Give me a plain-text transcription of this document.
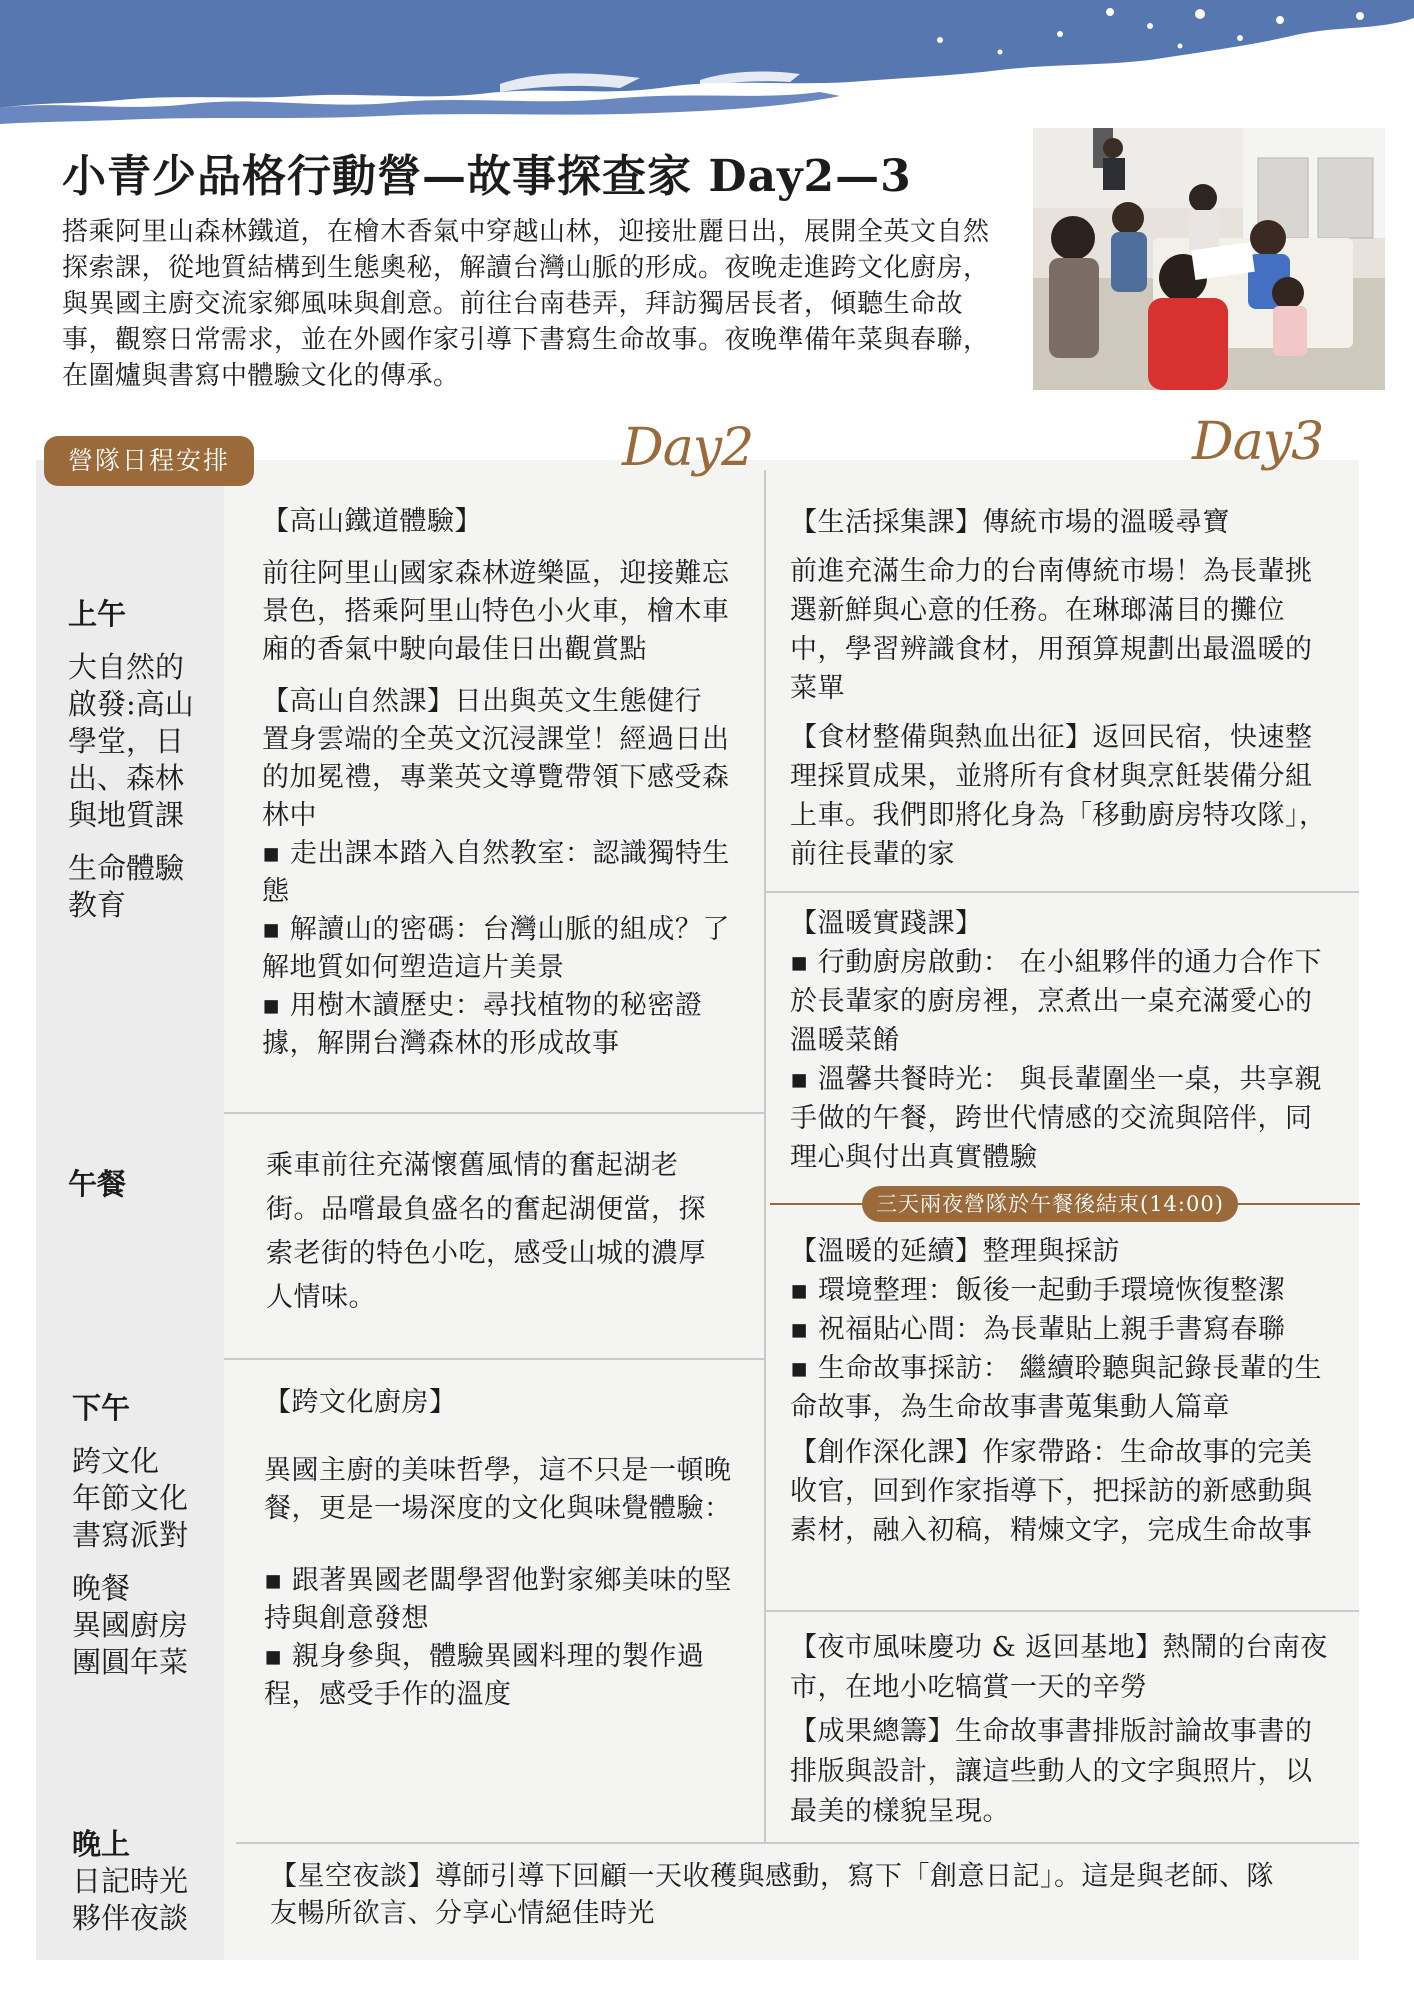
小青少品格行動營—故事探查家 Day2—3

搭乘阿里山森林鐵道，在檜木香氣中穿越山林，迎接壯麗日出，展開全英文自然探索課，從地質結構到生態奧秘，解讀台灣山脈的形成。夜晚走進跨文化廚房，與異國主廚交流家鄉風味與創意。前往台南巷弄，拜訪獨居長者，傾聽生命故事，觀察日常需求，並在外國作家引導下書寫生命故事。夜晚準備年菜與春聯，在圍爐與書寫中體驗文化的傳承。

營隊日程安排	Day2	Day3
上午
大自然的
啟發:高山
學堂，日
出、森林
與地質課
生命體驗
教育
午餐
下午
跨文化
年節文化
書寫派對
晚餐
異國廚房
團圓年菜
晚上
日記時光
夥伴夜談

【高山鐵道體驗】

前往阿里山國家森林遊樂區，迎接難忘景色，搭乘阿里山特色小火車，檜木車廂的香氣中駛向最佳日出觀賞點

【高山自然課】日出與英文生態健行

置身雲端的全英文沉浸課堂！經過日出的加冕禮，專業英文導覽帶領下感受森林中

▪ 走出課本踏入自然教室：認識獨特生態

▪ 解讀山的密碼：台灣山脈的組成？了解地質如何塑造這片美景

▪ 用樹木讀歷史：尋找植物的秘密證據，解開台灣森林的形成故事

乘車前往充滿懷舊風情的奮起湖老街。品嚐最負盛名的奮起湖便當，探索老街的特色小吃，感受山城的濃厚人情味。

【跨文化廚房】

異國主廚的美味哲學，這不只是一頓晚餐，更是一場深度的文化與味覺體驗：

▪ 跟著異國老闆學習他對家鄉美味的堅持與創意發想

▪ 親身參與，體驗異國料理的製作過程，感受手作的溫度

【生活採集課】傳統市場的溫暖尋寶

前進充滿生命力的台南傳統市場！為長輩挑選新鮮與心意的任務。在琳瑯滿目的攤位中，學習辨識食材，用預算規劃出最溫暖的菜單

【食材整備與熱血出征】返回民宿，快速整理採買成果，並將所有食材與烹飪裝備分組上車。我們即將化身為「移動廚房特攻隊」，前往長輩的家

【溫暖實踐課】

▪ 行動廚房啟動： 在小組夥伴的通力合作下於長輩家的廚房裡，烹煮出一桌充滿愛心的溫暖菜餚

▪ 溫馨共餐時光： 與長輩圍坐一桌，共享親手做的午餐，跨世代情感的交流與陪伴，同理心與付出真實體驗

三天兩夜營隊於午餐後結束(14:00)

【溫暖的延續】整理與採訪

▪ 環境整理：飯後一起動手環境恢復整潔

▪ 祝福貼心間：為長輩貼上親手書寫春聯

▪ 生命故事採訪： 繼續聆聽與記錄長輩的生命故事，為生命故事書蒐集動人篇章

【創作深化課】作家帶路：生命故事的完美收官，回到作家指導下，把採訪的新感動與素材，融入初稿，精煉文字，完成生命故事

【夜市風味慶功 & 返回基地】熱鬧的台南夜市，在地小吃犒賞一天的辛勞

【成果總籌】生命故事書排版討論故事書的排版與設計，讓這些動人的文字與照片，以最美的樣貌呈現。

【星空夜談】導師引導下回顧一天收穫與感動，寫下「創意日記」。這是與老師、隊友暢所欲言、分享心情絕佳時光
